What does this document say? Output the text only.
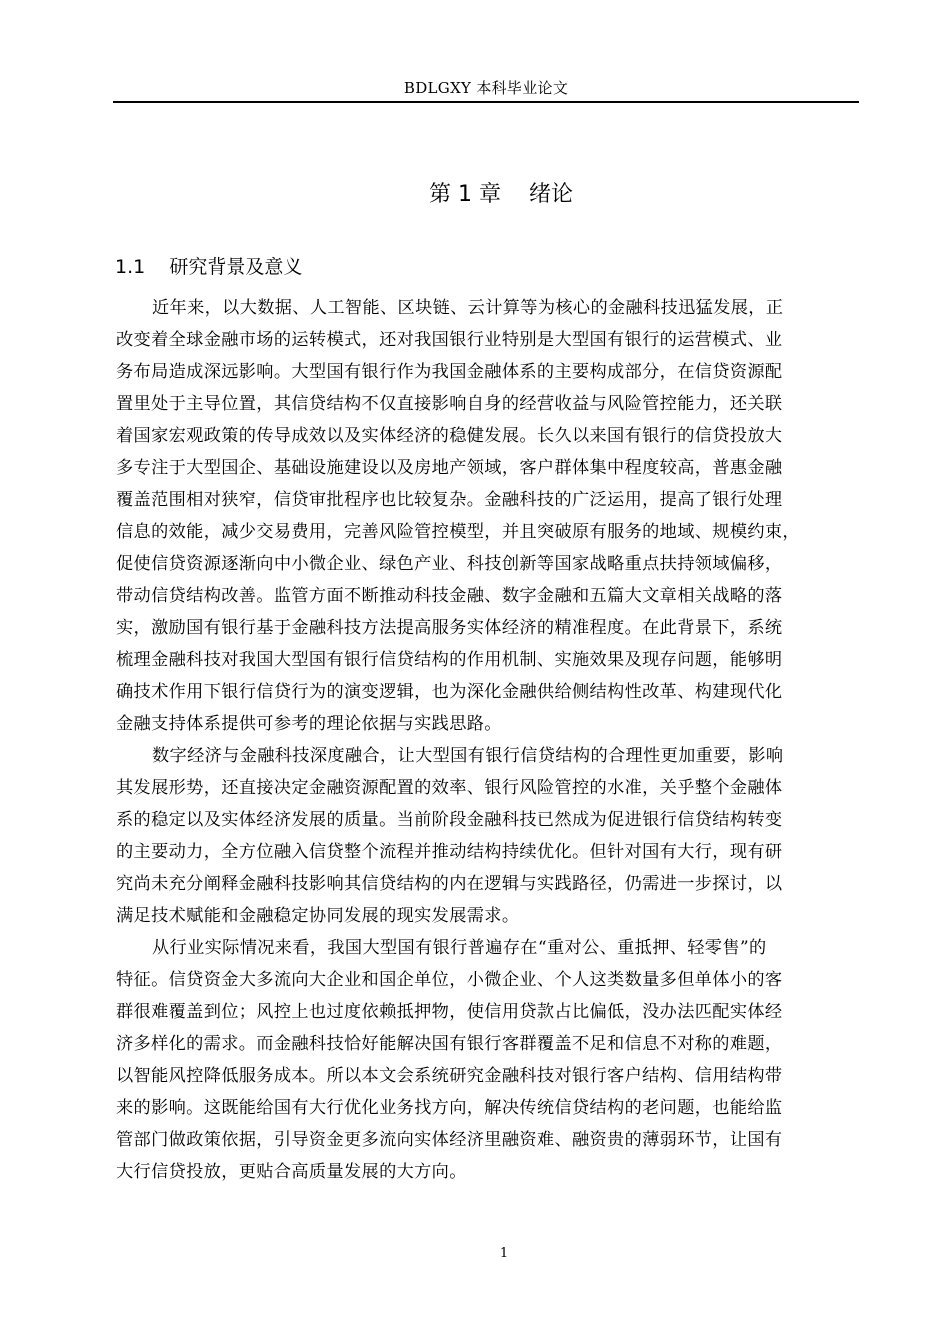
BDLGXY 本科毕业论文
第 1 章    绪论
1.1    研究背景及意义
近年来，以大数据、人工智能、区块链、云计算等为核心的金融科技迅猛发展，正
改变着全球金融市场的运转模式，还对我国银行业特别是大型国有银行的运营模式、业
务布局造成深远影响。大型国有银行作为我国金融体系的主要构成部分，在信贷资源配
置里处于主导位置，其信贷结构不仅直接影响自身的经营收益与风险管控能力，还关联
着国家宏观政策的传导成效以及实体经济的稳健发展。长久以来国有银行的信贷投放大
多专注于大型国企、基础设施建设以及房地产领域，客户群体集中程度较高，普惠金融
覆盖范围相对狭窄，信贷审批程序也比较复杂。金融科技的广泛运用，提高了银行处理
信息的效能，减少交易费用，完善风险管控模型，并且突破原有服务的地域、规模约束，
促使信贷资源逐渐向中小微企业、绿色产业、科技创新等国家战略重点扶持领域偏移，
带动信贷结构改善。监管方面不断推动科技金融、数字金融和五篇大文章相关战略的落
实，激励国有银行基于金融科技方法提高服务实体经济的精准程度。在此背景下，系统
梳理金融科技对我国大型国有银行信贷结构的作用机制、实施效果及现存问题，能够明
确技术作用下银行信贷行为的演变逻辑，也为深化金融供给侧结构性改革、构建现代化
金融支持体系提供可参考的理论依据与实践思路。
数字经济与金融科技深度融合，让大型国有银行信贷结构的合理性更加重要，影响
其发展形势，还直接决定金融资源配置的效率、银行风险管控的水准，关乎整个金融体
系的稳定以及实体经济发展的质量。当前阶段金融科技已然成为促进银行信贷结构转变
的主要动力，全方位融入信贷整个流程并推动结构持续优化。但针对国有大行，现有研
究尚未充分阐释金融科技影响其信贷结构的内在逻辑与实践路径，仍需进一步探讨，以
满足技术赋能和金融稳定协同发展的现实发展需求。
从行业实际情况来看，我国大型国有银行普遍存在“重对公、重抵押、轻零售”的
特征。信贷资金大多流向大企业和国企单位，小微企业、个人这类数量多但单体小的客
群很难覆盖到位；风控上也过度依赖抵押物，使信用贷款占比偏低，没办法匹配实体经
济多样化的需求。而金融科技恰好能解决国有银行客群覆盖不足和信息不对称的难题，
以智能风控降低服务成本。所以本文会系统研究金融科技对银行客户结构、信用结构带
来的影响。这既能给国有大行优化业务找方向，解决传统信贷结构的老问题，也能给监
管部门做政策依据，引导资金更多流向实体经济里融资难、融资贵的薄弱环节，让国有
大行信贷投放，更贴合高质量发展的大方向。
1
